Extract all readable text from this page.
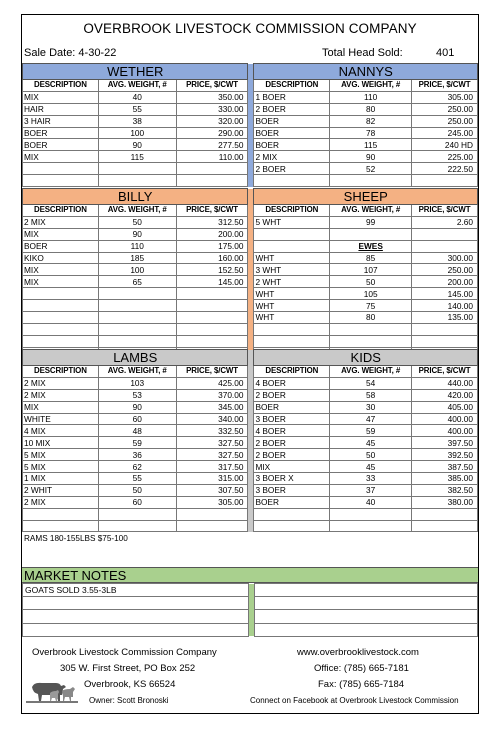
OVERBROOK LIVESTOCK COMMISSION COMPANY
Sale Date: 4-30-22	Total Head Sold:	401
WETHER				NANNYS		
DESCRIPTION	AVG. WEIGHT, #	PRICE, $/CWT		DESCRIPTION	AVG. WEIGHT, #	PRICE, $/CWT
MIX	40	350.00		1 BOER	110	305.00
HAIR	55	330.00		2 BOER	80	250.00
3 HAIR	38	320.00		BOER	82	250.00
BOER	100	290.00		BOER	78	245.00
BOER	90	277.50		BOER	115	240 HD
MIX	115	110.00		2 MIX	90	225.00
				2 BOER	52	222.50

BILLY				SHEEP		
DESCRIPTION	AVG. WEIGHT, #	PRICE, $/CWT		DESCRIPTION	AVG. WEIGHT, #	PRICE, $/CWT
2 MIX	50	312.50		5 WHT	99	2.60
MIX	90	200.00				
BOER	110	175.00			EWES	
KIKO	185	160.00		WHT	85	300.00
MIX	100	152.50		3 WHT	107	250.00
MIX	65	145.00		2 WHT	50	200.00
				WHT	105	145.00
				WHT	75	140.00
				WHT	80	135.00

LAMBS				KIDS		
DESCRIPTION	AVG. WEIGHT, #	PRICE, $/CWT		DESCRIPTION	AVG. WEIGHT, #	PRICE, $/CWT
2 MIX	103	425.00		4 BOER	54	440.00
2 MIX	53	370.00		2 BOER	58	420.00
MIX	90	345.00		BOER	30	405.00
WHITE	60	340.00		3 BOER	47	400.00
4 MIX	48	332.50		4 BOER	59	400.00
10 MIX	59	327.50		2 BOER	45	397.50
5 MIX	36	327.50		2 BOER	50	392.50
5 MIX	62	317.50		MIX	45	387.50
1 MIX	55	315.00		3 BOER X	33	385.00
2 WHIT	50	307.50		3 BOER	37	382.50
2 MIX	60	305.00		BOER	40	380.00

RAMS 180-155LBS $75-100
MARKET NOTES
GOATS SOLD 3.55-3LB		

Overbrook Livestock Commission Company
305 W. First Street, PO Box 252
Overbrook, KS 66524
Owner: Scott Bronoski
www.overbrooklivestock.com
Office: (785) 665-7181
Fax: (785) 665-7184
Connect on Facebook at Overbrook Livestock Commission
